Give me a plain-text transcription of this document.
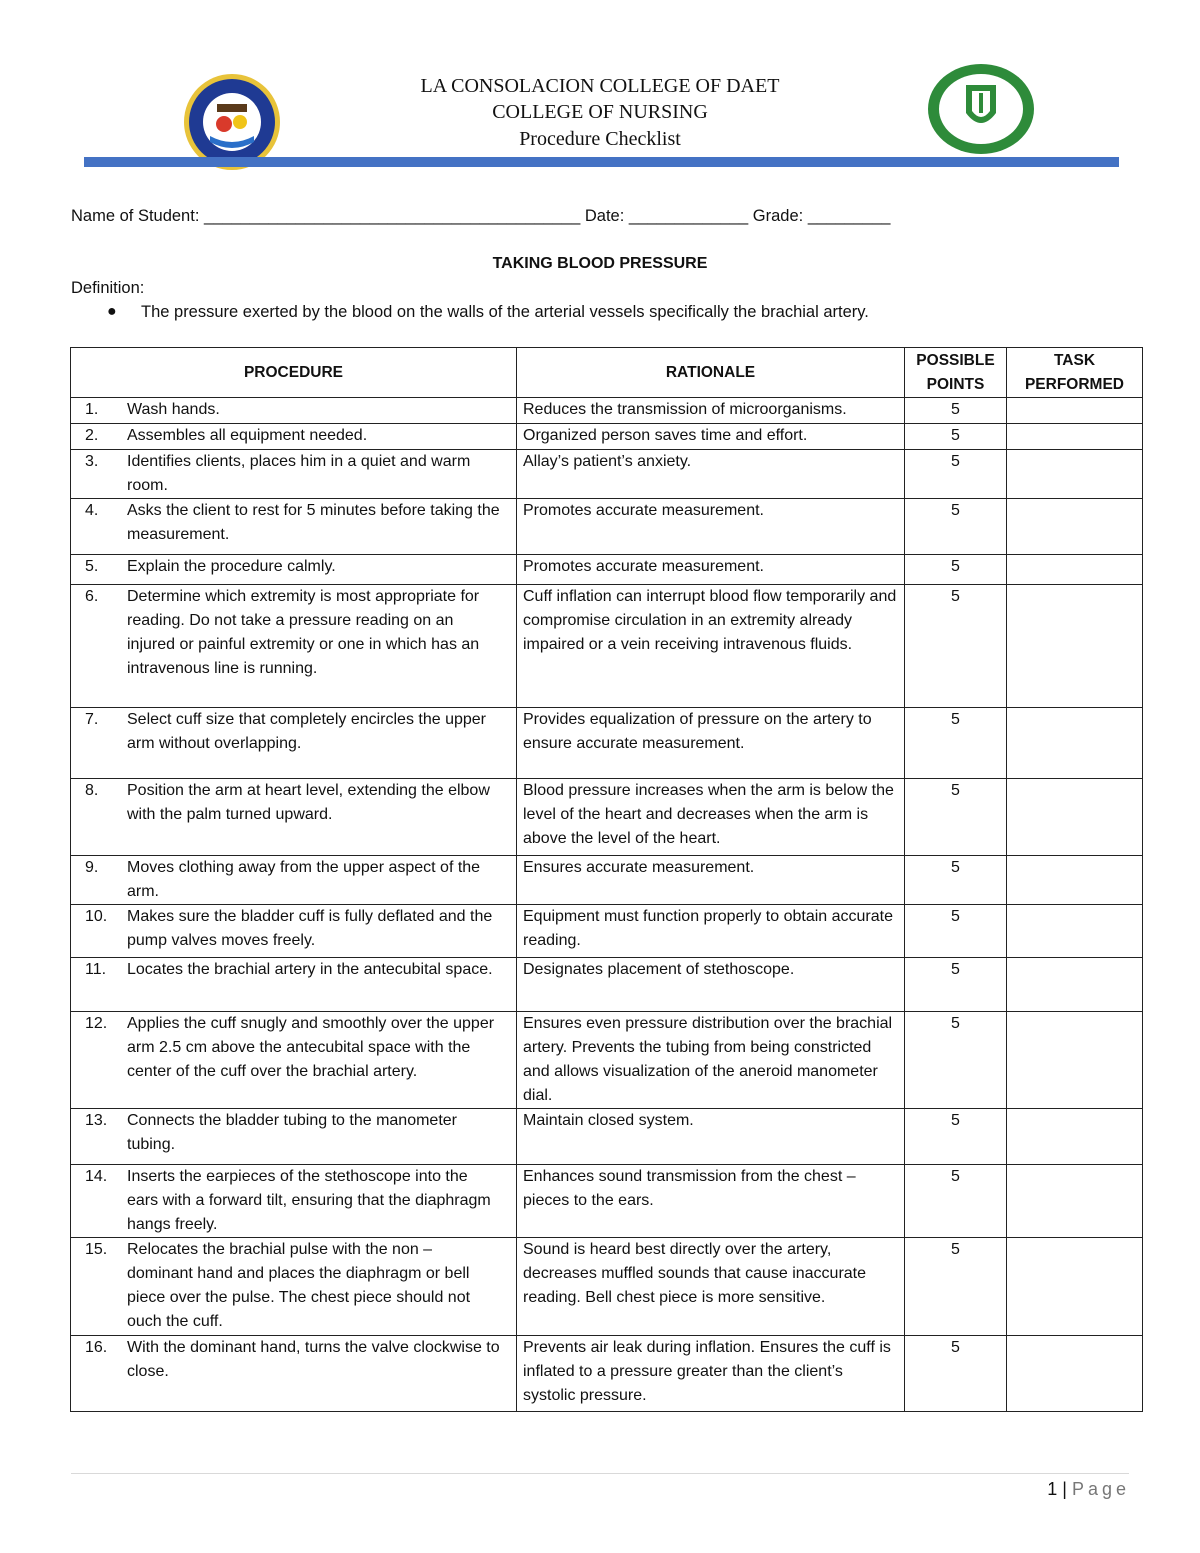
LA CONSOLACION COLLEGE OF DAET
COLLEGE OF NURSING
Procedure Checklist
Name of Student: _________________________________________ Date: _____________ Grade: _________
TAKING BLOOD PRESSURE
Definition:
● The pressure exerted by the blood on the walls of the arterial vessels specifically the brachial artery.
PROCEDURE	RATIONALE	POSSIBLE POINTS	TASK PERFORMED
1. Wash hands.	Reduces the transmission of microorganisms.	5	
2. Assembles all equipment needed.	Organized person saves time and effort.	5	
3. Identifies clients, places him in a quiet and warm room.	Allay’s patient’s anxiety.	5	
4. Asks the client to rest for 5 minutes before taking the measurement.	Promotes accurate measurement.	5	
5. Explain the procedure calmly.	Promotes accurate measurement.	5	
6. Determine which extremity is most appropriate for reading. Do not take a pressure reading on an injured or painful extremity or one in which has an intravenous line is running.	Cuff inflation can interrupt blood flow temporarily and compromise circulation in an extremity already impaired or a vein receiving intravenous fluids.	5	
7. Select cuff size that completely encircles the upper arm without overlapping.	Provides equalization of pressure on the artery to ensure accurate measurement.	5	
8. Position the arm at heart level, extending the elbow with the palm turned upward.	Blood pressure increases when the arm is below the level of the heart and decreases when the arm is above the level of the heart.	5	
9. Moves clothing away from the upper aspect of the arm.	Ensures accurate measurement.	5	
10. Makes sure the bladder cuff is fully deflated and the pump valves moves freely.	Equipment must function properly to obtain accurate reading.	5	
11. Locates the brachial artery in the antecubital space.	Designates placement of stethoscope.	5	
12. Applies the cuff snugly and smoothly over the upper arm 2.5 cm above the antecubital space with the center of the cuff over the brachial artery.	Ensures even pressure distribution over the brachial artery. Prevents the tubing from being constricted and allows visualization of the aneroid manometer dial.	5	
13. Connects the bladder tubing to the manometer tubing.	Maintain closed system.	5	
14. Inserts the earpieces of the stethoscope into the ears with a forward tilt, ensuring that the diaphragm hangs freely.	Enhances sound transmission from the chest – pieces to the ears.	5	
15. Relocates the brachial pulse with the non – dominant hand and places the diaphragm or bell piece over the pulse. The chest piece should not ouch the cuff.	Sound is heard best directly over the artery, decreases muffled sounds that cause inaccurate reading. Bell chest piece is more sensitive.	5	
16. With the dominant hand, turns the valve clockwise to close.	Prevents air leak during inflation. Ensures the cuff is inflated to a pressure greater than the client’s systolic pressure.	5	
1 | Page
